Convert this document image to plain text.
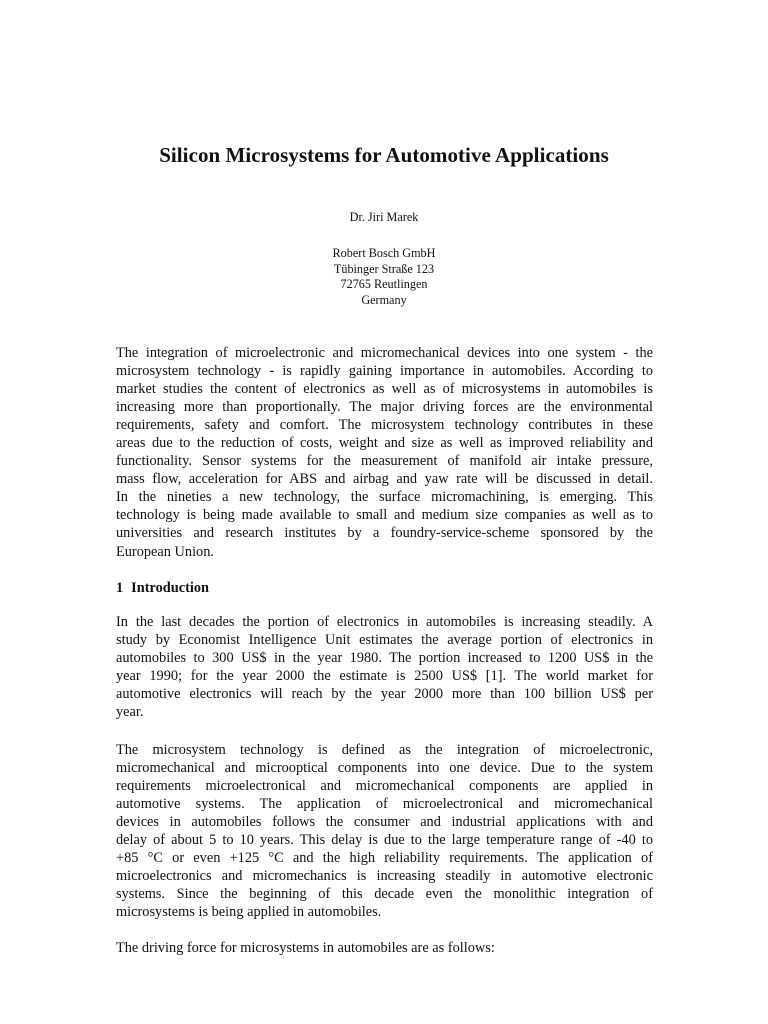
Silicon Microsystems for Automotive Applications
Dr. Jiri Marek
Robert Bosch GmbH
Tübinger Straße 123
72765 Reutlingen
Germany
The integration of microelectronic and micromechanical devices into one system - the
microsystem technology - is rapidly gaining importance in automobiles. According to
market studies the content of electronics as well as of microsystems in automobiles is
increasing more than proportionally. The major driving forces are the environmental
requirements, safety and comfort. The microsystem technology contributes in these
areas due to the reduction of costs, weight and size as well as improved reliability and
functionality. Sensor systems for the measurement of manifold air intake pressure,
mass flow, acceleration for ABS and airbag and yaw rate will be discussed in detail.
In the nineties a new technology, the surface micromachining, is emerging. This
technology is being made available to small and medium size companies as well as to
universities and research institutes by a foundry-service-scheme sponsored by the
European Union.
1 Introduction
In the last decades the portion of electronics in automobiles is increasing steadily. A
study by Economist Intelligence Unit estimates the average portion of electronics in
automobiles to 300 US$ in the year 1980. The portion increased to 1200 US$ in the
year 1990; for the year 2000 the estimate is 2500 US$ [1]. The world market for
automotive electronics will reach by the year 2000 more than 100 billion US$ per
year.
The microsystem technology is defined as the integration of microelectronic,
micromechanical and microoptical components into one device. Due to the system
requirements microelectronical and micromechanical components are applied in
automotive systems. The application of microelectronical and micromechanical
devices in automobiles follows the consumer and industrial applications with and
delay of about 5 to 10 years. This delay is due to the large temperature range of -40 to
+85 °C or even +125 °C and the high reliability requirements. The application of
microelectronics and micromechanics is increasing steadily in automotive electronic
systems. Since the beginning of this decade even the monolithic integration of
microsystems is being applied in automobiles.
The driving force for microsystems in automobiles are as follows:
